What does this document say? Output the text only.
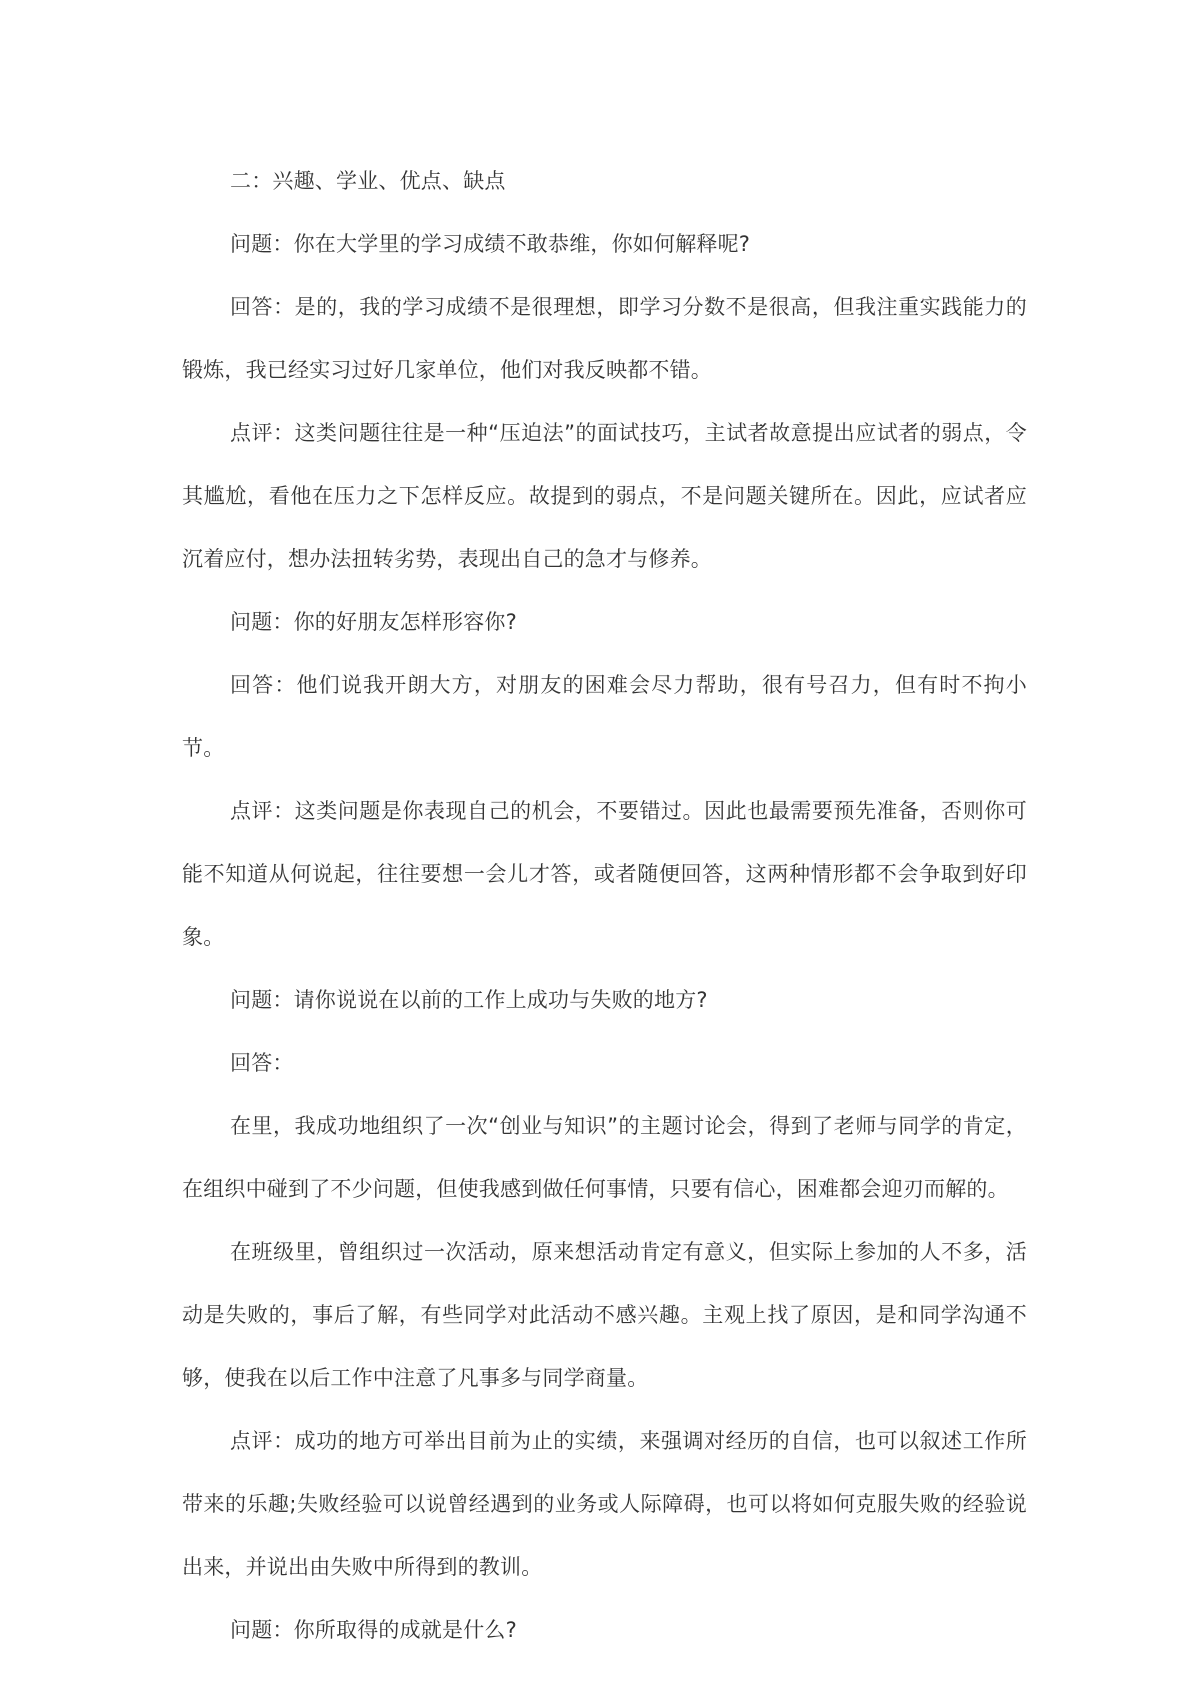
二：兴趣、学业、优点、缺点

问题：你在大学里的学习成绩不敢恭维，你如何解释呢?

回答：是的，我的学习成绩不是很理想，即学习分数不是很高，但我注重实践能力的锻炼，我已经实习过好几家单位，他们对我反映都不错。

点评：这类问题往往是一种“压迫法”的面试技巧，主试者故意提出应试者的弱点，令其尴尬，看他在压力之下怎样反应。故提到的弱点，不是问题关键所在。因此，应试者应沉着应付，想办法扭转劣势，表现出自己的急才与修养。

问题：你的好朋友怎样形容你?

回答：他们说我开朗大方，对朋友的困难会尽力帮助，很有号召力，但有时不拘小节。

点评：这类问题是你表现自己的机会，不要错过。因此也最需要预先准备，否则你可能不知道从何说起，往往要想一会儿才答，或者随便回答，这两种情形都不会争取到好印象。

问题：请你说说在以前的工作上成功与失败的地方?

回答：

在里，我成功地组织了一次“创业与知识”的主题讨论会，得到了老师与同学的肯定，在组织中碰到了不少问题，但使我感到做任何事情，只要有信心，困难都会迎刃而解的。

在班级里，曾组织过一次活动，原来想活动肯定有意义，但实际上参加的人不多，活动是失败的，事后了解，有些同学对此活动不感兴趣。主观上找了原因，是和同学沟通不够，使我在以后工作中注意了凡事多与同学商量。

点评：成功的地方可举出目前为止的实绩，来强调对经历的自信，也可以叙述工作所带来的乐趣;失败经验可以说曾经遇到的业务或人际障碍，也可以将如何克服失败的经验说出来，并说出由失败中所得到的教训。

问题：你所取得的成就是什么?
